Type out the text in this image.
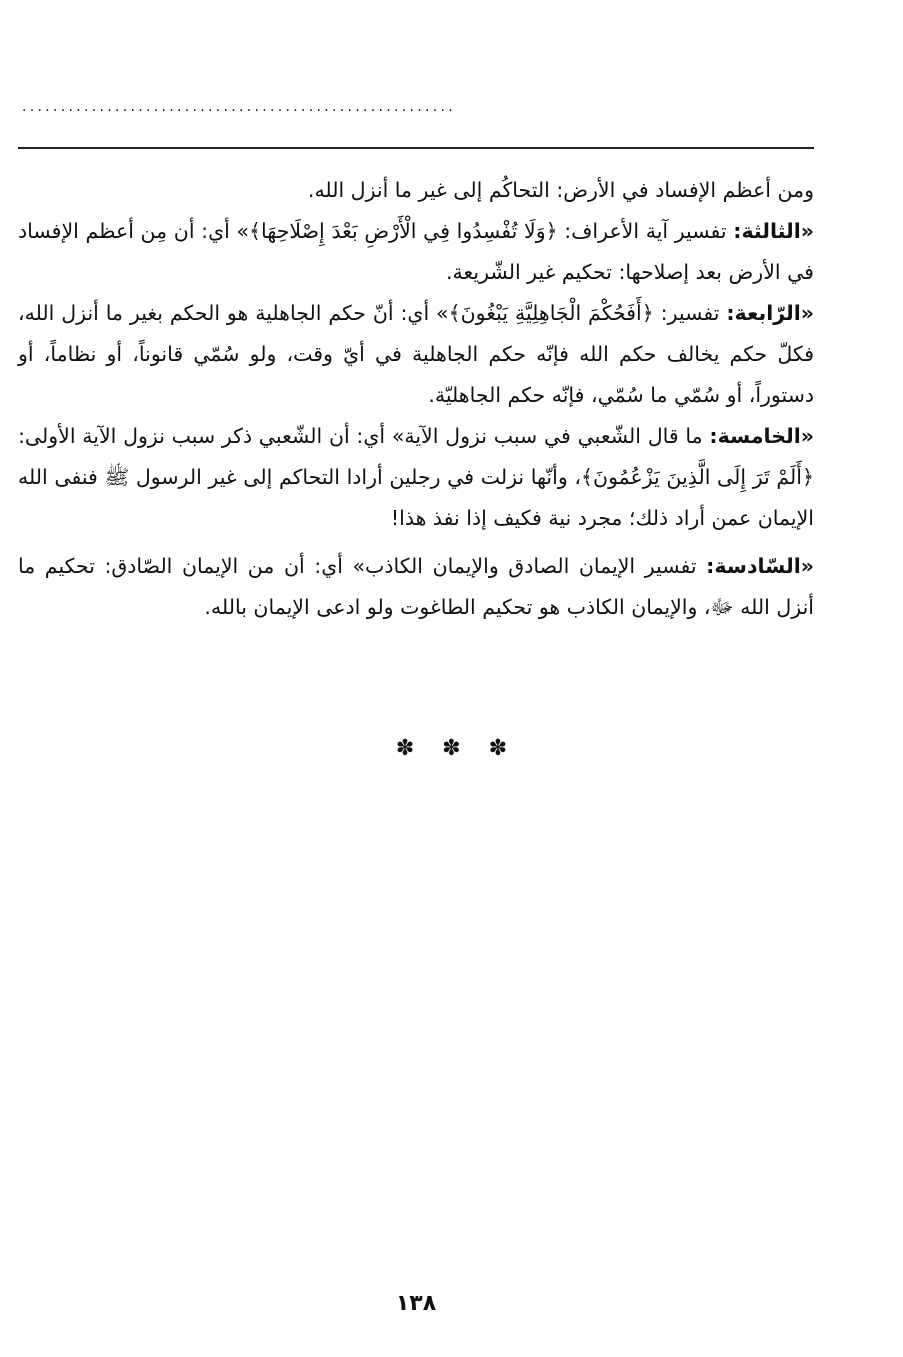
........................................................

ومن أعظم الإفساد في الأرض: التحاكُم إلى غير ما أنزل الله.

«الثالثة: تفسير آية الأعراف: ﴿وَلَا تُفْسِدُوا فِي الْأَرْضِ بَعْدَ إِصْلَاحِهَا﴾» أي: أن مِن أعظم الإفساد في الأرض بعد إصلاحها: تحكيم غير الشّريعة.

«الرّابعة: تفسير: ﴿أَفَحُكْمَ الْجَاهِلِيَّةِ يَبْغُونَ﴾» أي: أنّ حكم الجاهلية هو الحكم بغير ما أنزل الله، فكلّ حكم يخالف حكم الله فإنّه حكم الجاهلية في أيّ وقت، ولو سُمّي قانوناً، أو نظاماً، أو دستوراً، أو سُمّي ما سُمّي، فإنّه حكم الجاهليّة.

«الخامسة: ما قال الشّعبي في سبب نزول الآية» أي: أن الشّعبي ذكر سبب نزول الآية الأولى: ﴿أَلَمْ تَرَ إِلَى الَّذِينَ يَزْعُمُونَ﴾، وأنّها نزلت في رجلين أرادا التحاكم إلى غير الرسول ﷺ فنفى الله الإيمان عمن أراد ذلك؛ مجرد نية فكيف إذا نفذ هذا!

«السّادسة: تفسير الإيمان الصادق والإيمان الكاذب» أي: أن من الإيمان الصّادق: تحكيم ما أنزل الله ﷻ، والإيمان الكاذب هو تحكيم الطاغوت ولو ادعى الإيمان بالله.

✽ ✽ ✽
١٣٨
